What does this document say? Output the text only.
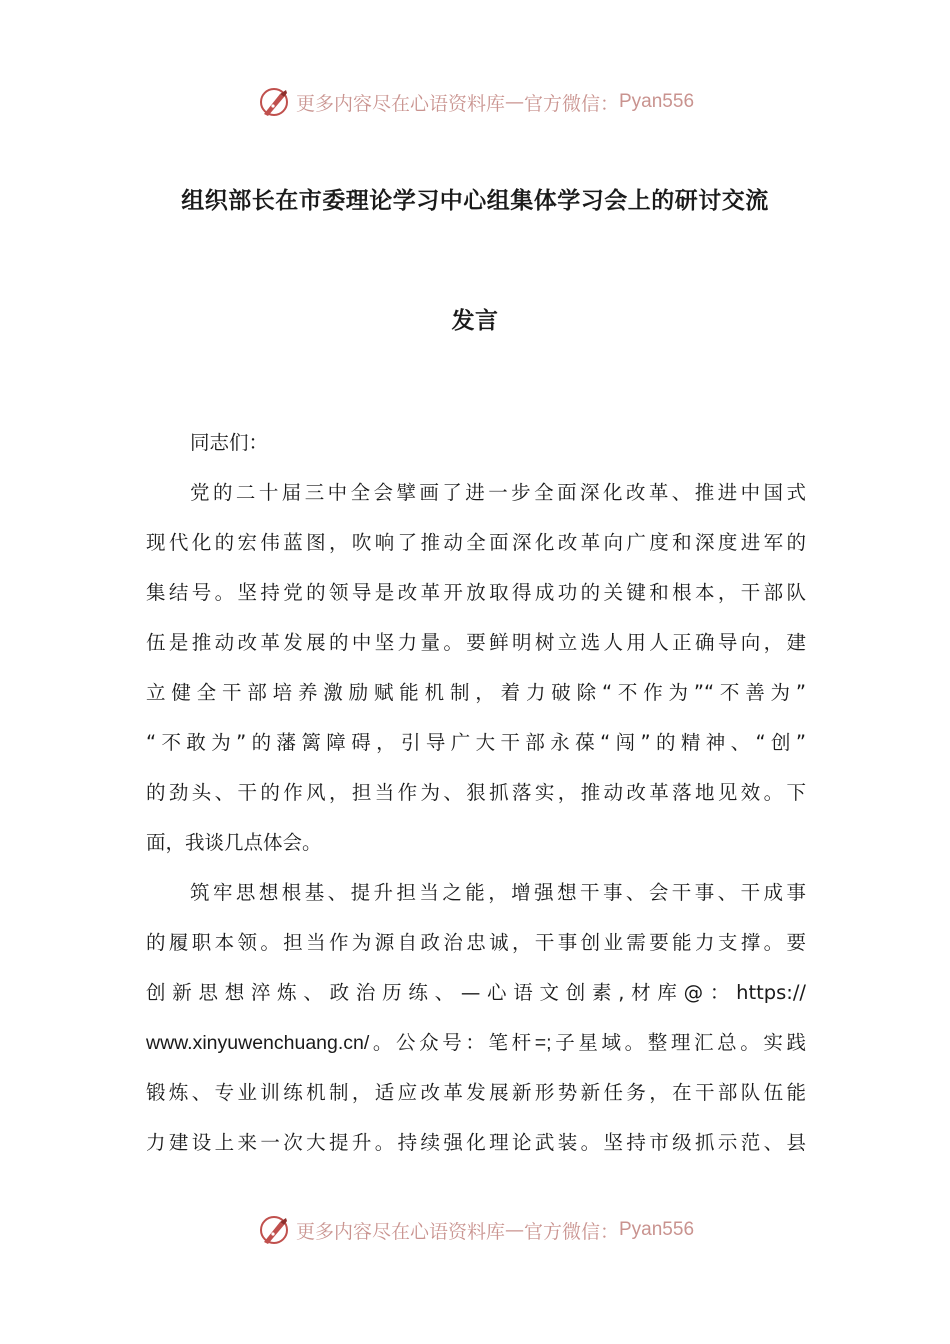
更多内容尽在心语资料库 — 官方微信： Pyan556
组织部长在市委理论学习中心组集体学习会上的研讨交流
发言
同志们：
党的二十届三中全会擘画了进一步全面深化改革、推进中国式
现代化的宏伟蓝图，吹响了推动全面深化改革向广度和深度进军的
集结号。坚持党的领导是改革开放取得成功的关键和根本，干部队
伍是推动改革发展的中坚力量。要鲜明树立选人用人正确导向，建
立健全干部培养激励赋能机制，着力破除“不作为”“不善为”
“不敢为”的藩篱障碍，引导广大干部永葆“闯”的精神、“创”
的劲头、干的作风，担当作为、狠抓落实，推动改革落地见效。下
面，我谈几点体会。
筑牢思想根基、提升担当之能，增强想干事、会干事、干成事
的履职本领。担当作为源自政治忠诚，干事创业需要能力支撑。要
创新思想淬炼、政治历练、—心语文创素,材库@：https://
www.xinyuwenchuang.cn/。公众号：笔杆=;子星域。整理汇总。实践
锻炼、专业训练机制，适应改革发展新形势新任务，在干部队伍能
力建设上来一次大提升。持续强化理论武装。坚持市级抓示范、县
更多内容尽在心语资料库 — 官方微信： Pyan556
